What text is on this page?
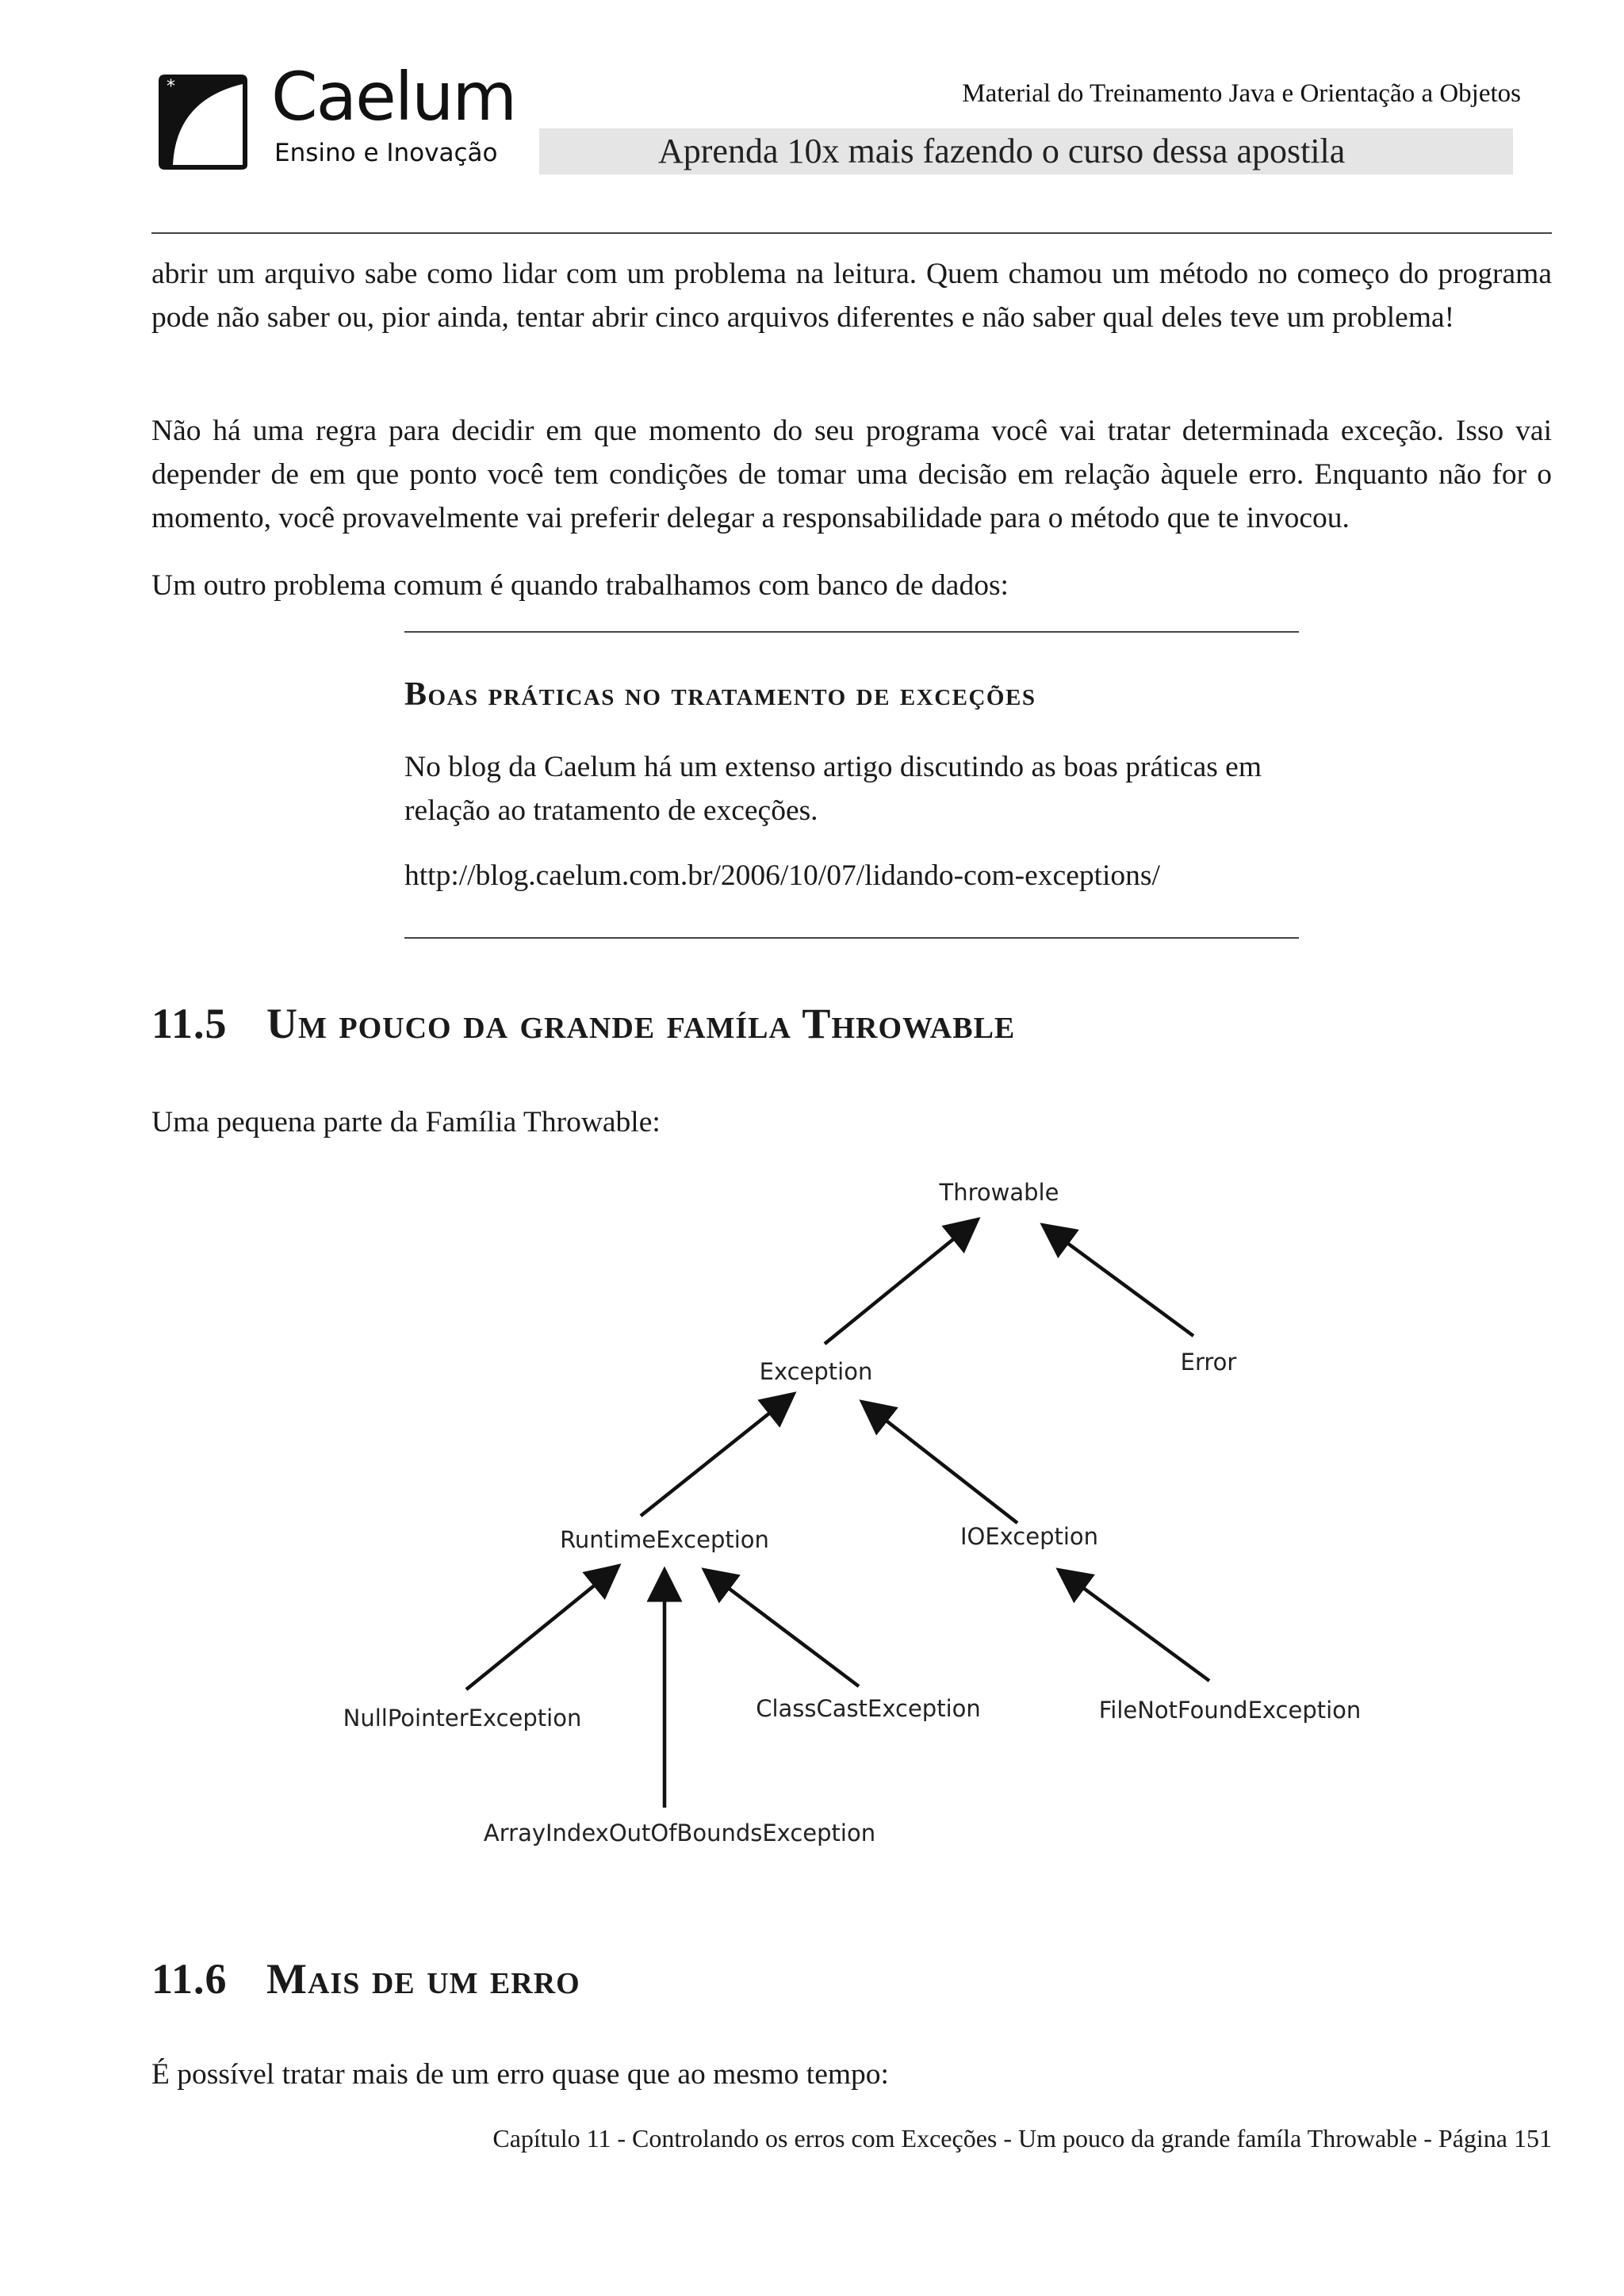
* Caelum
Ensino e Inovação
Material do Treinamento Java e Orientação a Objetos
Aprenda 10x mais fazendo o curso dessa apostila

abrir um arquivo sabe como lidar com um problema na leitura. Quem chamou um método no começo do programa pode não saber ou, pior ainda, tentar abrir cinco arquivos diferentes e não saber qual deles teve um problema!

Não há uma regra para decidir em que momento do seu programa você vai tratar determinada exceção. Isso vai depender de em que ponto você tem condições de tomar uma decisão em relação àquele erro. Enquanto não for o momento, você provavelmente vai preferir delegar a responsabilidade para o método que te invocou.

Um outro problema comum é quando trabalhamos com banco de dados:

Boas práticas no tratamento de exceções

No blog da Caelum há um extenso artigo discutindo as boas práticas em relação ao tratamento de exceções.

http://blog.caelum.com.br/2006/10/07/lidando-com-exceptions/

11.5 Um pouco da grande famíla Throwable

Uma pequena parte da Família Throwable:

Throwable
Exception	Error
RuntimeException	IOException
NullPointerException	ClassCastException	FileNotFoundException
ArrayIndexOutOfBoundsException
11.6 Mais de um erro

É possível tratar mais de um erro quase que ao mesmo tempo:

Capítulo 11 - Controlando os erros com Exceções - Um pouco da grande famíla Throwable - Página 151
